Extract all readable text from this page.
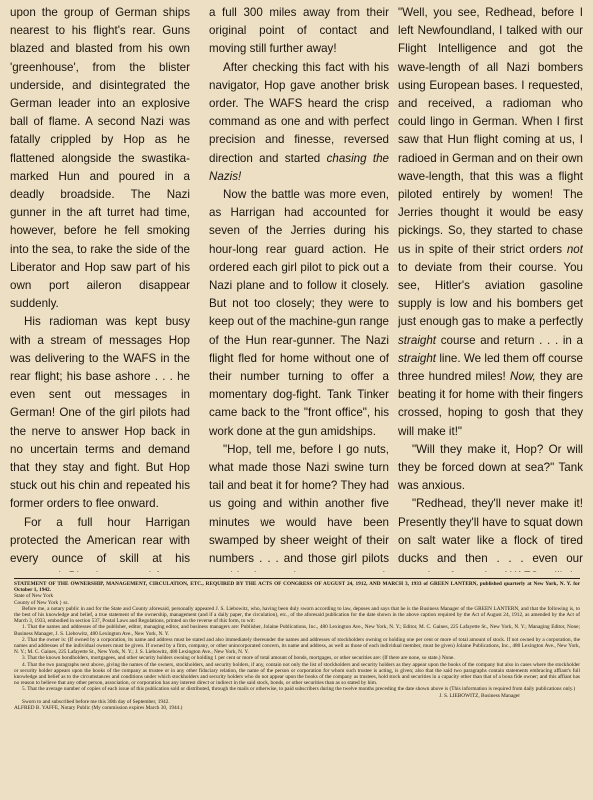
upon the group of German ships nearest to his flight's rear. Guns blazed and blasted from his own 'greenhouse', from the blister underside, and disintegrated the German leader into an explosive ball of flame. A second Nazi was fatally crippled by Hop as he flattened alongside the swastika-marked Hun and poured in a deadly broadside. The Nazi gunner in the aft turret had time, however, before he fell smoking into the sea, to rake the side of the Liberator and Hop saw part of his own port aileron disappear suddenly.

His radioman was kept busy with a stream of messages Hop was delivering to the WAFS in the rear flight; his base ashore . . . he even sent out messages in German! One of the girl pilots had the nerve to answer Hop back in no uncertain terms and demand that they stay and fight. But Hop stuck out his chin and repeated his former orders to flee onward.

For a full hour Harrigan protected the American rear with every ounce of skill at his

a full 300 miles away from their original point of contact and moving still further away!

After checking this fact with his navigator, Hop gave another brisk order. The WAFS heard the crisp command as one and with perfect precision and finesse, reversed direction and started chasing the Nazis!

Now the battle was more even, as Harrigan had accounted for seven of the Jerries during his hour-long rear guard action. He ordered each girl pilot to pick out a Nazi plane and to follow it closely. But not too closely; they were to keep out of the machine-gun range of the Hun rear-gunner. The Nazi flight fled for home without one of their number turning to offer a momentary dog-fight. Tank Tinker came back to the "front office", his work done at the gun amidships.

"Hop, tell me, before I go nuts, what made those Nazi swine turn tail and beat it for home? They had us going and within another five minutes we would have been swamped by sheer weight of their numbers . . . and those girl pilots

"Well, you see, Redhead, before I left Newfoundland, I talked with our Flight Intelligence and got the wave-length of all Nazi bombers using European bases. I requested, and received, a radioman who could lingo in German. When I first saw that Hun flight coming at us, I radioed in German and on their own wave-length, that this was a flight piloted entirely by women! The Jerries thought it would be easy pickings. So, they started to chase us in spite of their strict orders not to deviate from their course. You see, Hitler's aviation gasoline supply is low and his bombers get just enough gas to make a perfectly straight course and return . . . in a straight line. We led them off course three hundred miles! Now, they are beating it for home with their fingers crossed, hoping to gosh that they will make it!"

"Will they make it, Hop? Or will they be forced down at sea?" Tank was anxious.

"Redhead, they'll never make it! Presently they'll have to squat down on salt water like a flock of tired ducks and then . . . even our

STATEMENT OF THE OWNERSHIP, MANAGEMENT, CIRCULATION, ETC., REQUIRED BY THE ACTS OF CONGRESS OF AUGUST 24, 1912, AND MARCH 3, 1933 of GREEN LANTERN, published quarterly at New York, N. Y. for October 1, 1942.

State of New York

County of New York } ss.

Before me, a notary public in and for the State and County aforesaid, personally appeared J. S. Liebowitz, who, having been duly sworn according to law, deposes and says that he is the Business Manager of the GREEN LANTERN, and that the following is, to the best of his knowledge and belief, a true statement of the ownership, management (and if a daily paper, the circulation), etc., of the aforesaid publication for the date shown in the above caption required by the Act of August 24, 1912, as amended by the Act of March 3, 1933, embodied in section 537, Postal Laws and Regulations, printed on the reverse of this form, to wit:

1. That the names and addresses of the publisher, editor, managing editor, and business managers are: Publisher, Jolaine Publications, Inc., 480 Lexington Ave., New York, N. Y.; Editor, M. C. Gaines, 225 Lafayette St., New York, N. Y.; Managing Editor, None; Business Manager, J. S. Liebowitz, 480 Lexington Ave., New York, N. Y.

2. That the owner is: (If owned by a corporation, its name and address must be stated and also immediately thereunder the names and addresses of stockholders owning or holding one per cent or more of total amount of stock. If not owned by a corporation, the names and addresses of the individual owners must be given. If owned by a firm, company, or other unincorporated concern, its name and address, as well as those of each individual member, must be given) Jolaine Publications, Inc., 480 Lexington Ave., New York, N. Y.; M. C. Gaines, 225 Lafayette St., New York, N. Y.; J. S. Liebowitz, 480 Lexington Ave., New York, N. Y.

3. That the known bondholders, mortgagees, and other security holders owning or holding 1 per cent or more of total amount of bonds, mortgages, or other securities are: (If there are none, so state.) None.

4. That the two paragraphs next above, giving the names of the owners, stockholders, and security holders, if any, contain not only the list of stockholders and security holders as they appear upon the books of the company but also in cases where the stockholder or security holder appears upon the books of the company as trustee or in any other fiduciary relation, the name of the person or corporation for whom such trustee is acting, is given; also that the said two paragraphs contain statements embracing affiant's full knowledge and belief as to the circumstances and conditions under which stockholders and security holders who do not appear upon the books of the company as trustees, hold stock and securities in a capacity other than that of a bona fide owner; and this affiant has no reason to believe that any other person, association, or corporation has any interest direct or indirect in the said stock, bonds, or other securities than as so stated by him.

5. That the average number of copies of each issue of this publication sold or distributed, through the mails or otherwise, to paid subscribers during the twelve months preceding the date shown above is (This information is required from daily publications only.)

J. S. LIEBOWITZ, Business Manager

Sworn to and subscribed before me this 30th day of September, 1942.

ALFRED B. YAFFE, Notary Public (My commission expires March 30, 1944.)
